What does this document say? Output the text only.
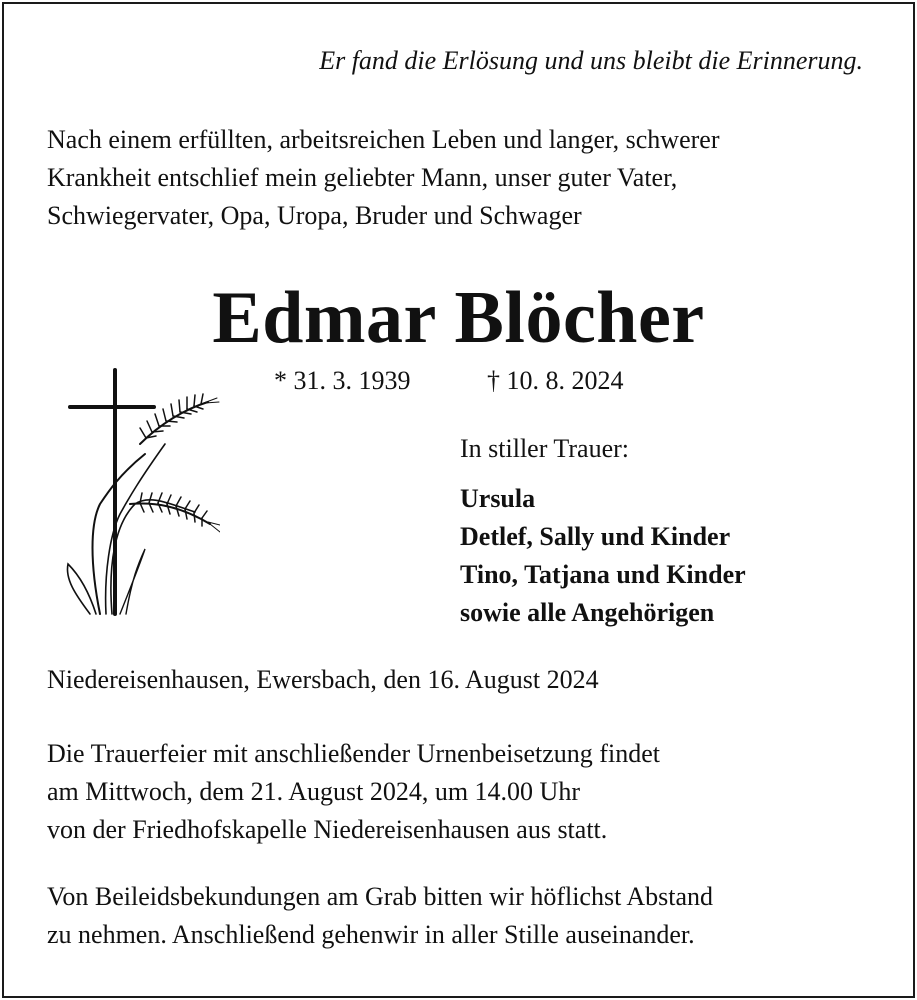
Er fand die Erlösung und uns bleibt die Erinnerung.
Nach einem erfüllten, arbeitsreichen Leben und langer, schwerer
Krankheit entschlief mein geliebter Mann, unser guter Vater,
Schwiegervater, Opa, Uropa, Bruder und Schwager
Edmar Blöcher
* 31. 3. 1939	† 10. 8. 2024
In stiller Trauer:
Ursula
Detlef, Sally und Kinder
Tino, Tatjana und Kinder
sowie alle Angehörigen
Niedereisenhausen, Ewersbach, den 16. August 2024
Die Trauerfeier mit anschließender Urnenbeisetzung findet
am Mittwoch, dem 21. August 2024, um 14.00 Uhr
von der Friedhofskapelle Niedereisenhausen aus statt.
Von Beileidsbekundungen am Grab bitten wir höflichst Abstand
zu nehmen. Anschließend gehenwir in aller Stille auseinander.
